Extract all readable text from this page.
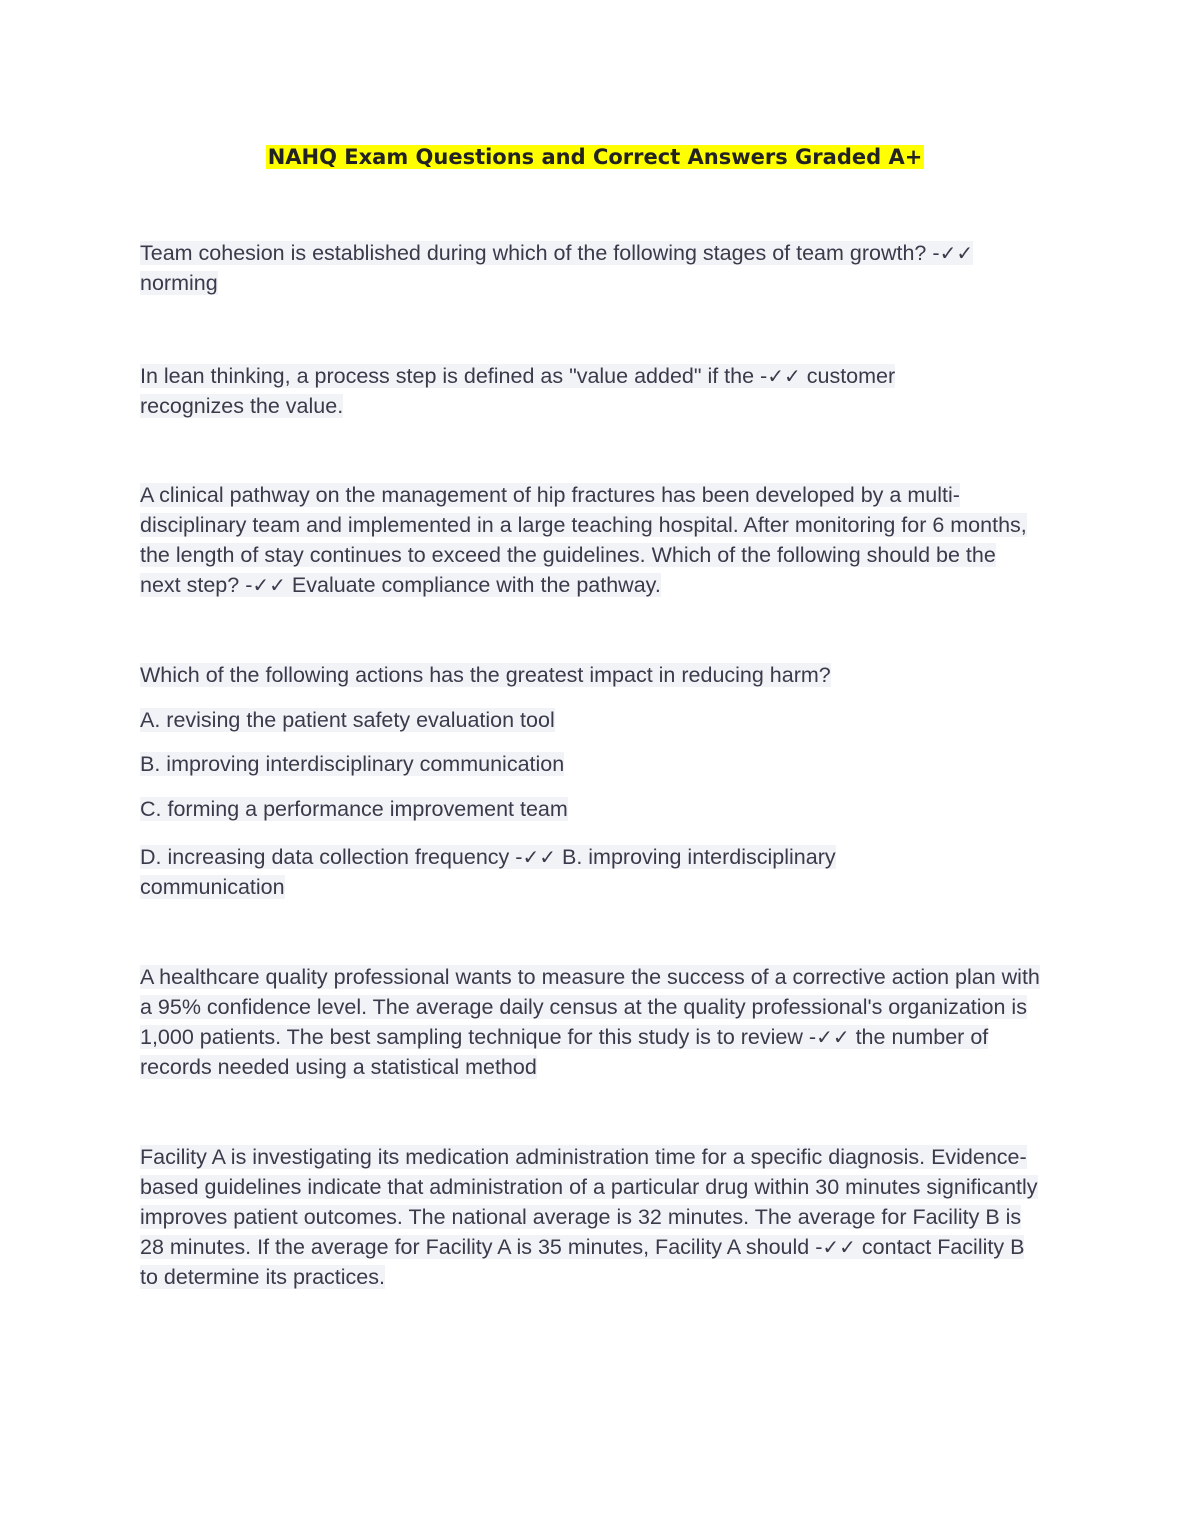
NAHQ Exam Questions and Correct Answers Graded A+
Team cohesion is established during which of the following stages of team growth? -✓✓ norming
In lean thinking, a process step is defined as "value added" if the -✓✓ customer recognizes the value.
A clinical pathway on the management of hip fractures has been developed by a multi-disciplinary team and implemented in a large teaching hospital. After monitoring for 6 months, the length of stay continues to exceed the guidelines. Which of the following should be the next step? -✓✓ Evaluate compliance with the pathway.
Which of the following actions has the greatest impact in reducing harm?
A. revising the patient safety evaluation tool
B. improving interdisciplinary communication
C. forming a performance improvement team
D. increasing data collection frequency -✓✓ B. improving interdisciplinary communication
A healthcare quality professional wants to measure the success of a corrective action plan with a 95% confidence level. The average daily census at the quality professional's organization is 1,000 patients. The best sampling technique for this study is to review -✓✓ the number of records needed using a statistical method
Facility A is investigating its medication administration time for a specific diagnosis. Evidence-based guidelines indicate that administration of a particular drug within 30 minutes significantly improves patient outcomes. The national average is 32 minutes. The average for Facility B is 28 minutes. If the average for Facility A is 35 minutes, Facility A should -✓✓ contact Facility B to determine its practices.
